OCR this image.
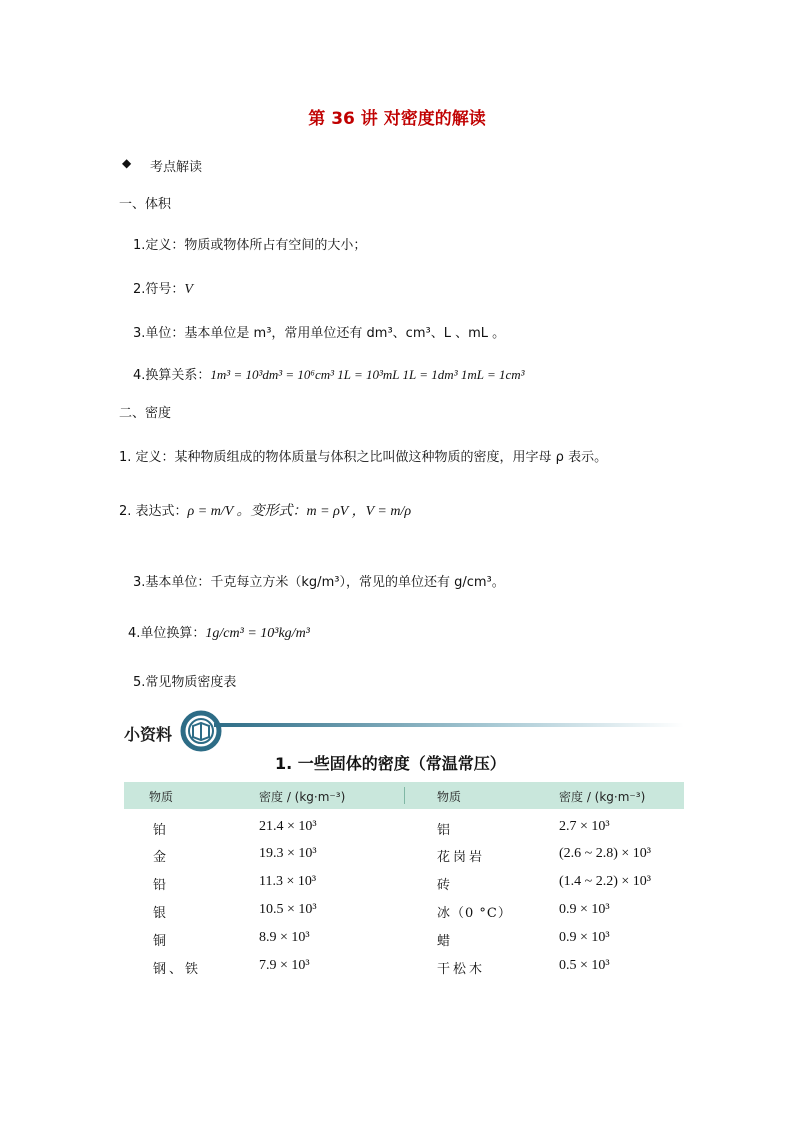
第 36 讲 对密度的解读
◆ 考点解读
一、体积
1.定义：物质或物体所占有空间的大小；
2.符号：V
3.单位：基本单位是 m³，常用单位还有 dm³、cm³、L 、mL 。
4.换算关系：1m³ = 10³dm³ = 10⁶cm³ 1L = 10³mL 1L = 1dm³ 1mL = 1cm³
二、密度
1. 定义：某种物质组成的物体质量与体积之比叫做这种物质的密度，用字母 ρ 表示。
2. 表达式：ρ = m/V 。变形式：m = ρV ，V = m/ρ
3.基本单位：千克每立方米（kg/m³），常见的单位还有 g/cm³。
4.单位换算：1g/cm³ = 10³kg/m³
5.常见物质密度表
小资料
1. 一些固体的密度（常温常压）
物质	密度 / (kg·m⁻³)	物质	密度 / (kg·m⁻³)
铂	21.4 × 10³	铝	2.7 × 10³
金	19.3 × 10³	花岗岩	(2.6 ~ 2.8) × 10³
铅	11.3 × 10³	砖	(1.4 ~ 2.2) × 10³
银	10.5 × 10³	冰（0 °C）	0.9 × 10³
铜	8.9 × 10³	蜡	0.9 × 10³
钢、铁	7.9 × 10³	干松木	0.5 × 10³
